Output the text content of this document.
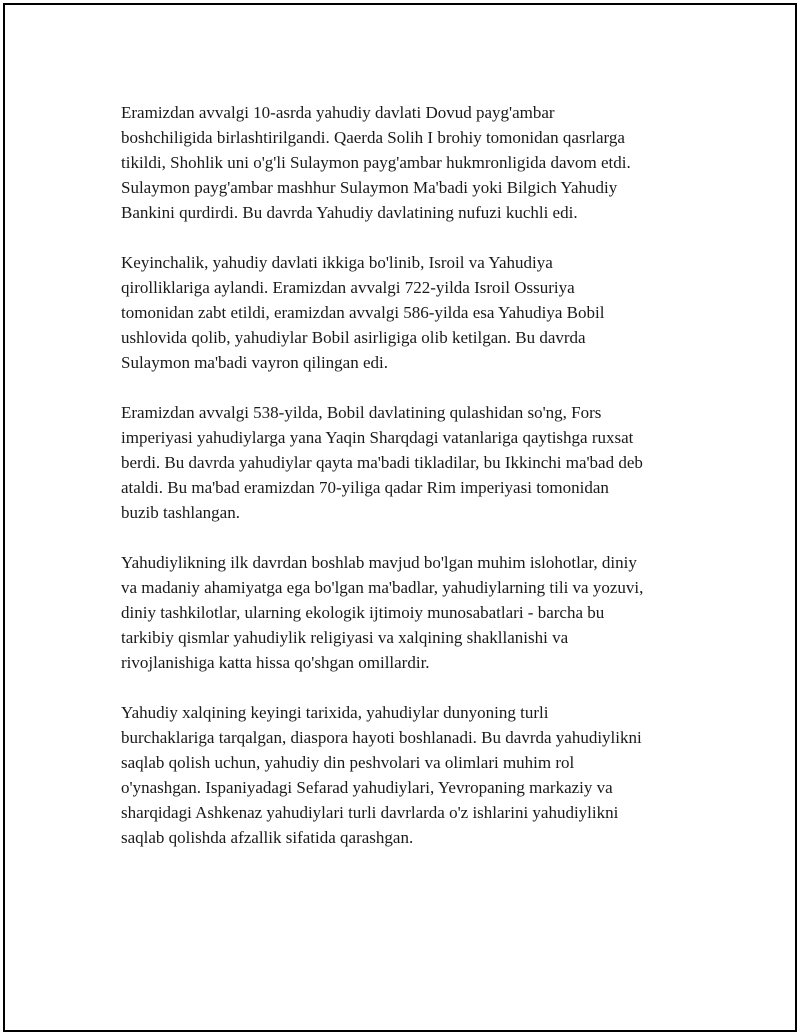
Eramizdan avvalgi 10-asrda yahudiy davlati Dovud payg'ambar
boshchiligida birlashtirilgandi. Qaerda Solih I brohiy tomonidan qasrlarga
tikildi, Shohlik uni o'g'li Sulaymon payg'ambar hukmronligida davom etdi.
Sulaymon payg'ambar mashhur Sulaymon Ma'badi yoki Bilgich Yahudiy
Bankini qurdirdi. Bu davrda Yahudiy davlatining nufuzi kuchli edi.

Keyinchalik, yahudiy davlati ikkiga bo'linib, Isroil va Yahudiya
qirolliklariga aylandi. Eramizdan avvalgi 722-yilda Isroil Ossuriya
tomonidan zabt etildi, eramizdan avvalgi 586-yilda esa Yahudiya Bobil
ushlovida qolib, yahudiylar Bobil asirligiga olib ketilgan. Bu davrda
Sulaymon ma'badi vayron qilingan edi.

Eramizdan avvalgi 538-yilda, Bobil davlatining qulashidan so'ng, Fors
imperiyasi yahudiylarga yana Yaqin Sharqdagi vatanlariga qaytishga ruxsat
berdi. Bu davrda yahudiylar qayta ma'badi tikladilar, bu Ikkinchi ma'bad deb
ataldi. Bu ma'bad eramizdan 70-yiliga qadar Rim imperiyasi tomonidan
buzib tashlangan.

Yahudiylikning ilk davrdan boshlab mavjud bo'lgan muhim islohotlar, diniy
va madaniy ahamiyatga ega bo'lgan ma'badlar, yahudiylarning tili va yozuvi,
diniy tashkilotlar, ularning ekologik ijtimoiy munosabatlari - barcha bu
tarkibiy qismlar yahudiylik religiyasi va xalqining shakllanishi va
rivojlanishiga katta hissa qo'shgan omillardir.

Yahudiy xalqining keyingi tarixida, yahudiylar dunyoning turli
burchaklariga tarqalgan, diaspora hayoti boshlanadi. Bu davrda yahudiylikni
saqlab qolish uchun, yahudiy din peshvolari va olimlari muhim rol
o'ynashgan. Ispaniyadagi Sefarad yahudiylari, Yevropaning markaziy va
sharqidagi Ashkenaz yahudiylari turli davrlarda o'z ishlarini yahudiylikni
saqlab qolishda afzallik sifatida qarashgan.
